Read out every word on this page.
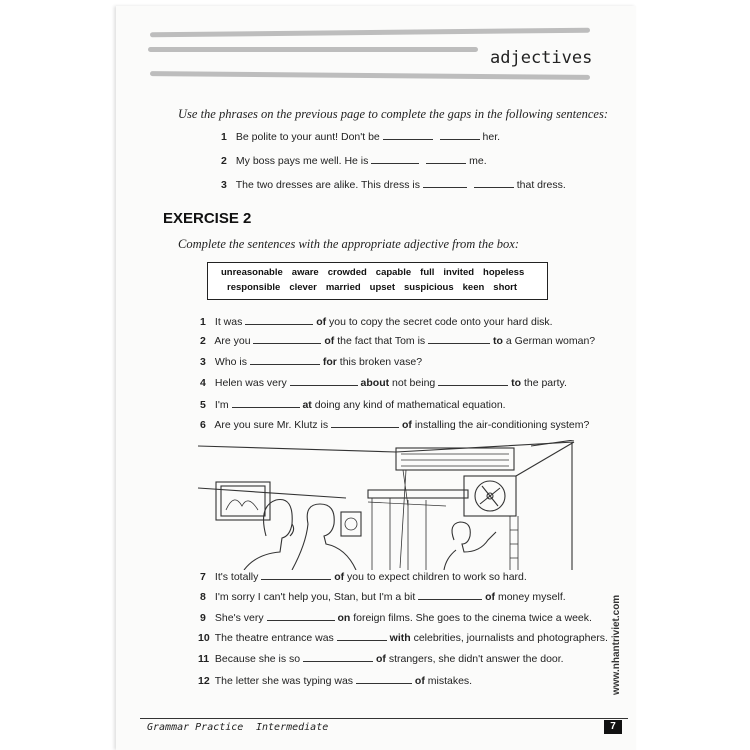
adjectives
Use the phrases on the previous page to complete the gaps in the following sentences:
1 Be polite to your aunt! Don't be	her.
2 My boss pays me well. He is	me.
3 The two dresses are alike. This dress is	that dress.
EXERCISE 2
Complete the sentences with the appropriate adjective from the box:
unreasonable aware crowded capable full invited hopeless
responsible clever married upset suspicious keen short
1 It was	of you to copy the secret code onto your hard disk.
2 Are you	of the fact that Tom is	to a German woman?
3 Who is	for this broken vase?
4 Helen was very	about not being	to the party.
5 I'm	at doing any kind of mathematical equation.
6 Are you sure Mr. Klutz is	of installing the air-conditioning system?
7 It's totally	of you to expect children to work so hard.
8 I'm sorry I can't help you, Stan, but I'm a bit	of money myself.
9 She's very	on foreign films. She goes to the cinema twice a week.
10 The theatre entrance was	with celebrities, journalists and photographers.
11 Because she is so	of strangers, she didn't answer the door.
12 The letter she was typing was	of mistakes.	www.nhantriviet.com
Grammar Practice Intermediate	7
